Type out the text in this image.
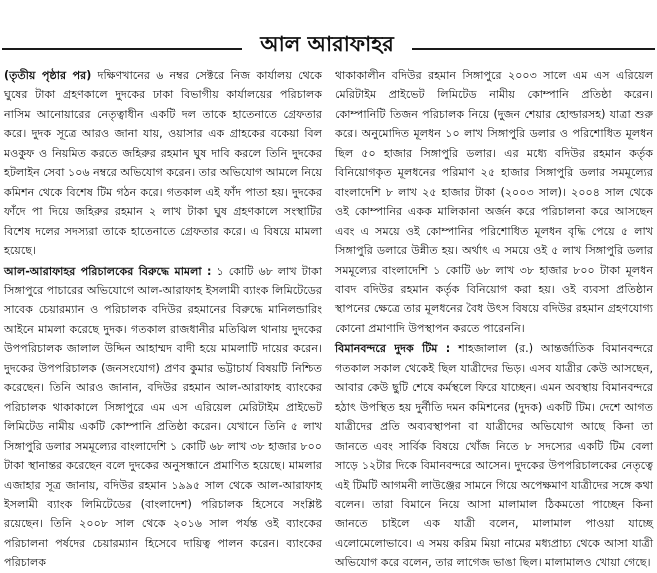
আল আরাফাহর

(তৃতীয় পৃষ্ঠার পর) দক্ষিণখানের ৬ নম্বর সেক্টরে নিজ কার্যালয় থেকে ঘুষের টাকা গ্রহণকালে দুদকের ঢাকা বিভাগীয় কার্যালয়ের পরিচালক নাসিম আনোয়ারের নেতৃত্বাধীন একটি দল তাকে হাতেনাতে গ্রেফতার করে। দুদক সূত্রে আরও জানা যায়, ওয়াসার এক গ্রাহকের বকেয়া বিল মওকুফ ও নিয়মিত করতে জহিরুর রহমান ঘুষ দাবি করলে তিনি দুদকের হটলাইন সেবা ১০৬ নম্বরে অভিযোগ করেন। তার অভিযোগ আমলে নিয়ে কমিশন থেকে বিশেষ টিম গঠন করে। গতকাল এই ফাঁদ পাতা হয়। দুদকের ফাঁদে পা দিয়ে জহিরুর রহমান ২ লাখ টাকা ঘুষ গ্রহণকালে সংস্থাটির বিশেষ দলের সদস্যরা তাকে হাতেনাতে গ্রেফতার করে। এ বিষয়ে মামলা হয়েছে।

আল-আরাফাহর পরিচালকের বিরুদ্ধে মামলা : ১ কোটি ৬৮ লাখ টাকা সিঙ্গাপুরে পাচারের অভিযোগে আল-আরাফাহ ইসলামী ব্যাংক লিমিটেডের সাবেক চেয়ারম্যান ও পরিচালক বদিউর রহমানের বিরুদ্ধে মানিলন্ডারিং আইনে মামলা করেছে দুদক। গতকাল রাজধানীর মতিঝিল থানায় দুদকের উপপরিচালক জালাল উদ্দিন আহাম্মদ বাদী হয়ে মামলাটি দায়ের করেন। দুদকের উপপরিচালক (জনসংযোগ) প্রণব কুমার ভট্টাচার্য বিষয়টি নিশ্চিত করেছেন। তিনি আরও জানান, বদিউর রহমান আল-আরাফাহ ব্যাংকের পরিচালক থাকাকালে সিঙ্গাপুরে এম এস এরিয়েল মেরিটাইম প্রাইভেট লিমিটেড নামীয় একটি কোম্পানি প্রতিষ্ঠা করেন। যেখানে তিনি ৫ লাখ সিঙ্গাপুরি ডলার সমমূল্যের বাংলাদেশি ১ কোটি ৬৮ লাখ ৩৮ হাজার ৮০০ টাকা স্থানান্তর করেছেন বলে দুদকের অনুসন্ধানে প্রমাণিত হয়েছে। মামলার এজাহার সূত্র জানায়, বদিউর রহমান ১৯৯৫ সাল থেকে আল-আরাফাহ ইসলামী ব্যাংক লিমিটেডের (বাংলাদেশ) পরিচালক হিসেবে সংশ্লিষ্ট রয়েছেন। তিনি ২০০৮ সাল থেকে ২০১৬ সাল পর্যন্ত ওই ব্যাংকের পরিচালনা পর্ষদের চেয়ারম্যান হিসেবে দায়িত্ব পালন করেন। ব্যাংকের পরিচালক

থাকাকালীন বদিউর রহমান সিঙ্গাপুরে ২০০৩ সালে এম এস এরিয়েল মেরিটাইম প্রাইভেট লিমিটেড নামীয় কোম্পানি প্রতিষ্ঠা করেন। কোম্পানিটি তিজন পরিচালক নিয়ে (দুজন শেয়ার হোল্ডারসহ) যাত্রা শুরু করে। অনুমোদিত মূলধন ১০ লাখ সিঙ্গাপুরি ডলার ও পরিশোধিত মূলধন ছিল ৫০ হাজার সিঙ্গাপুরি ডলার। এর মধ্যে বদিউর রহমান কর্তৃক বিনিয়োগকৃত মূলধনের পরিমাণ ২৫ হাজার সিঙ্গাপুরি ডলার সমমূল্যের বাংলাদেশি ৮ লাখ ২৫ হাজার টাকা (২০০৩ সাল)। ২০০৪ সাল থেকে ওই কোম্পানির একক মালিকানা অর্জন করে পরিচালনা করে আসছেন এবং এ সময়ে ওই কোম্পানির পরিশোধিত মূলধন বৃদ্ধি পেয়ে ৫ লাখ সিঙ্গাপুরি ডলারে উন্নীত হয়। অর্থাৎ এ সময়ে ওই ৫ লাখ সিঙ্গাপুরি ডলার সমমূল্যের বাংলাদেশি ১ কোটি ৬৮ লাখ ৩৮ হাজার ৮০০ টাকা মূলধন বাবদ বদিউর রহমান কর্তৃক বিনিয়োগ করা হয়। ওই ব্যবসা প্রতিষ্ঠান স্থাপনের ক্ষেত্রে তার মূলধনের বৈধ উৎস বিষয়ে বদিউর রহমান গ্রহণযোগ্য কোনো প্রমাণাদি উপস্থাপন করতে পারেননি।

বিমানবন্দরে দুদক টিম : শাহজালাল (র.) আন্তর্জাতিক বিমানবন্দরে গতকাল সকাল থেকেই ছিল যাত্রীদের ভিড়। এসব যাত্রীর কেউ আসছেন, আবার কেউ ছুটি শেষে কর্মস্থলে ফিরে যাচ্ছেন। এমন অবস্থায় বিমানবন্দরে হঠাৎ উপস্থিত হয় দুর্নীতি দমন কমিশনের (দুদক) একটি টিম। দেশে আগত যাত্রীদের প্রতি অব্যবস্থাপনা বা যাত্রীদের অভিযোগ আছে কিনা তা জানতে এবং সার্বিক বিষয়ে খোঁজ নিতে ৮ সদস্যের একটি টিম বেলা সাড়ে ১২টার দিকে বিমানবন্দরে আসেন। দুদকের উপপরিচালকের নেতৃত্বে এই টিমটি আগমনী লাউঞ্জের সামনে গিয়ে অপেক্ষমাণ যাত্রীদের সঙ্গে কথা বলেন। তারা বিমানে নিয়ে আসা মালামাল ঠিকমতো পাচ্ছেন কিনা জানতে চাইলে এক যাত্রী বলেন, মালামাল পাওয়া যাচ্ছে এলোমেলোভাবে। এ সময় করিম মিয়া নামের মধ্যপ্রাচ্য থেকে আসা যাত্রী অভিযোগ করে বলেন, তার লাগেজ ভাঙা ছিল। মালামালও খোয়া গেছে।
